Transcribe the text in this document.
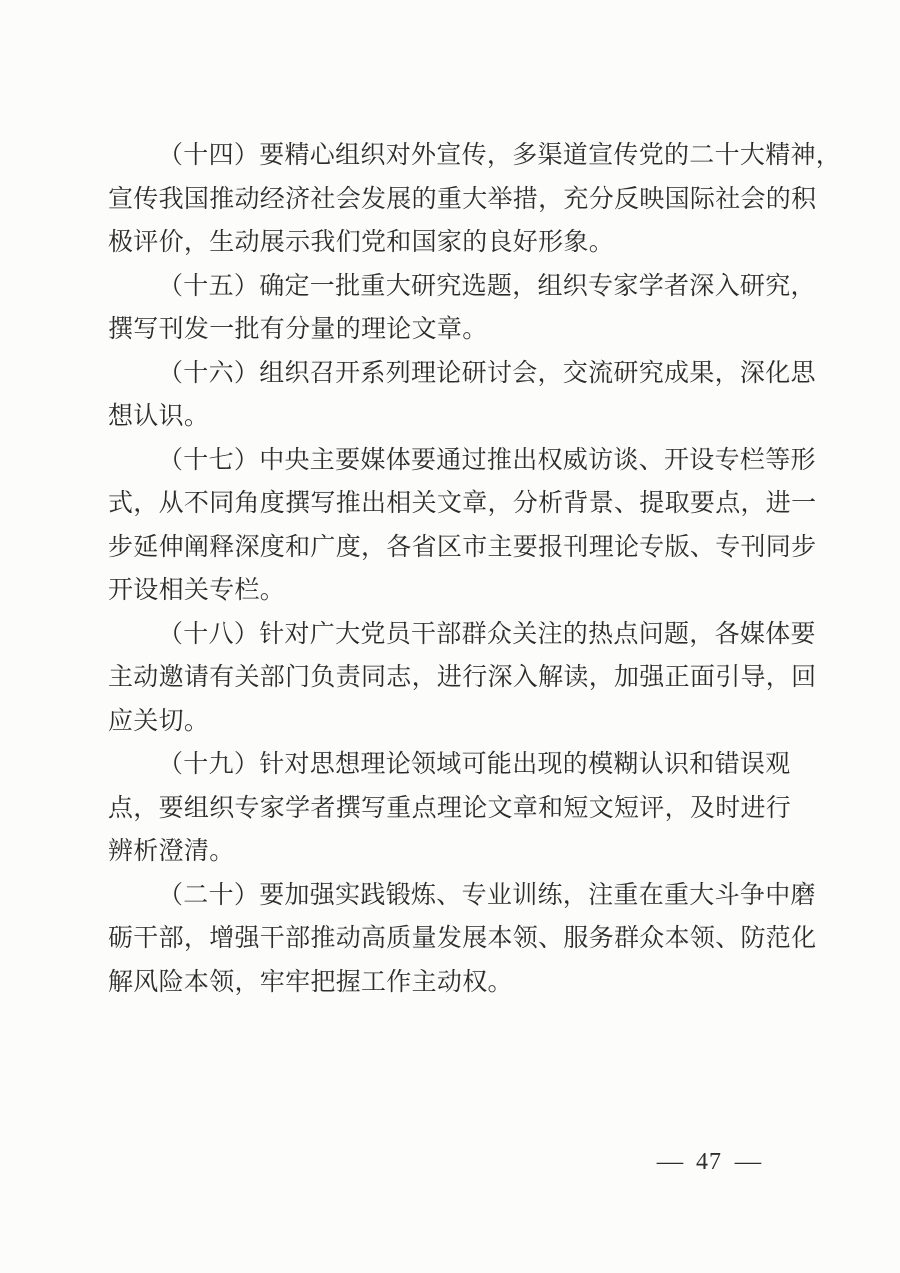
（十四）要精心组织对外宣传，多渠道宣传党的二十大精神，
宣传我国推动经济社会发展的重大举措，充分反映国际社会的积
极评价，生动展示我们党和国家的良好形象。

（十五）确定一批重大研究选题，组织专家学者深入研究，
撰写刊发一批有分量的理论文章。

（十六）组织召开系列理论研讨会，交流研究成果，深化思
想认识。

（十七）中央主要媒体要通过推出权威访谈、开设专栏等形
式，从不同角度撰写推出相关文章，分析背景、提取要点，进一
步延伸阐释深度和广度，各省区市主要报刊理论专版、专刊同步
开设相关专栏。

（十八）针对广大党员干部群众关注的热点问题，各媒体要
主动邀请有关部门负责同志，进行深入解读，加强正面引导，回
应关切。

（十九）针对思想理论领域可能出现的模糊认识和错误观
点，要组织专家学者撰写重点理论文章和短文短评，及时进行
辨析澄清。

（二十）要加强实践锻炼、专业训练，注重在重大斗争中磨
砺干部，增强干部推动高质量发展本领、服务群众本领、防范化
解风险本领，牢牢把握工作主动权。

— 47 —
